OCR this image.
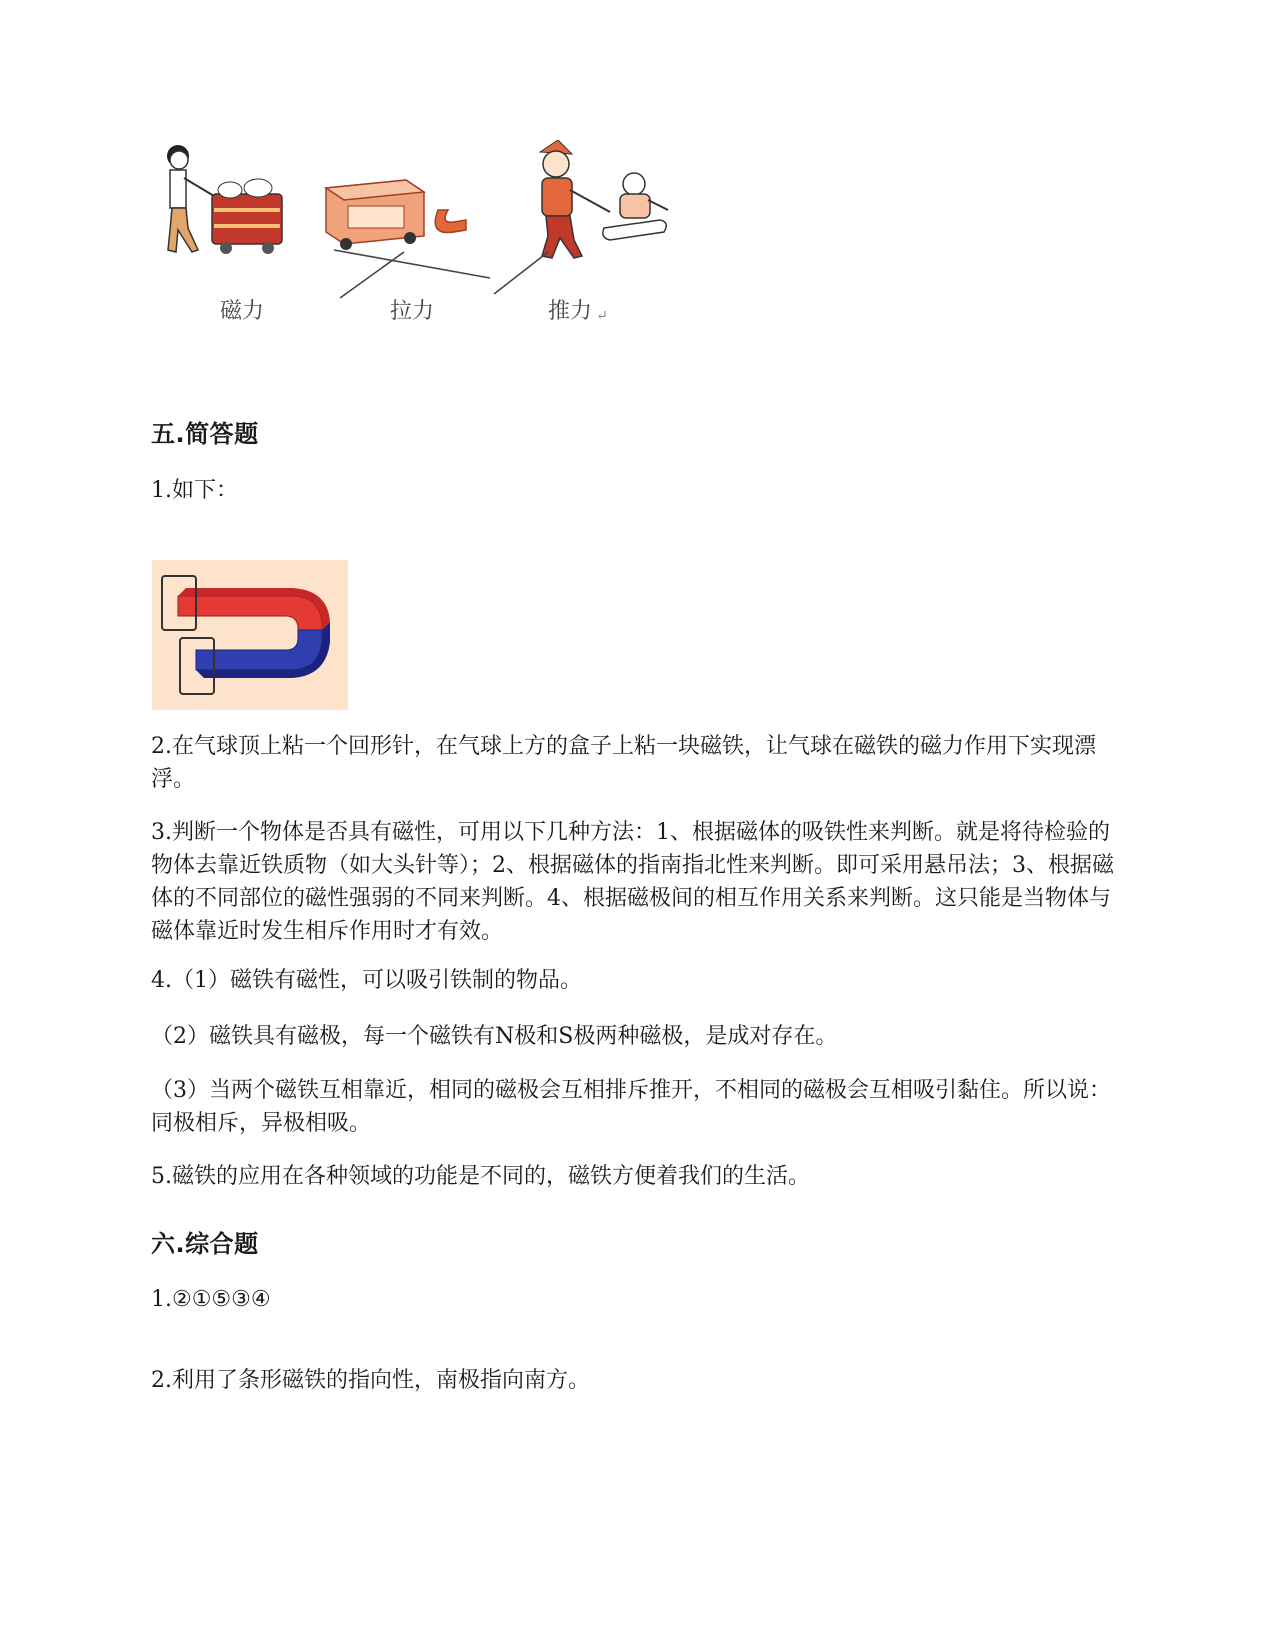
磁力	拉力	推力 ↵
五.简答题

1.如下：

2.在气球顶上粘一个回形针，在气球上方的盒子上粘一块磁铁，让气球在磁铁的磁力作用下实现漂浮。

3.判断一个物体是否具有磁性，可用以下几种方法：1、根据磁体的吸铁性来判断。就是将待检验的物体去靠近铁质物（如大头针等）；2、根据磁体的指南指北性来判断。即可采用悬吊法；3、根据磁体的不同部位的磁性强弱的不同来判断。4、根据磁极间的相互作用关系来判断。这只能是当物体与磁体靠近时发生相斥作用时才有效。

4.（1）磁铁有磁性，可以吸引铁制的物品。

（2）磁铁具有磁极，每一个磁铁有N极和S极两种磁极，是成对存在。

（3）当两个磁铁互相靠近，相同的磁极会互相排斥推开，不相同的磁极会互相吸引黏住。所以说：同极相斥，异极相吸。

5.磁铁的应用在各种领域的功能是不同的，磁铁方便着我们的生活。

六.综合题

1.②①⑤③④

2.利用了条形磁铁的指向性，南极指向南方。
